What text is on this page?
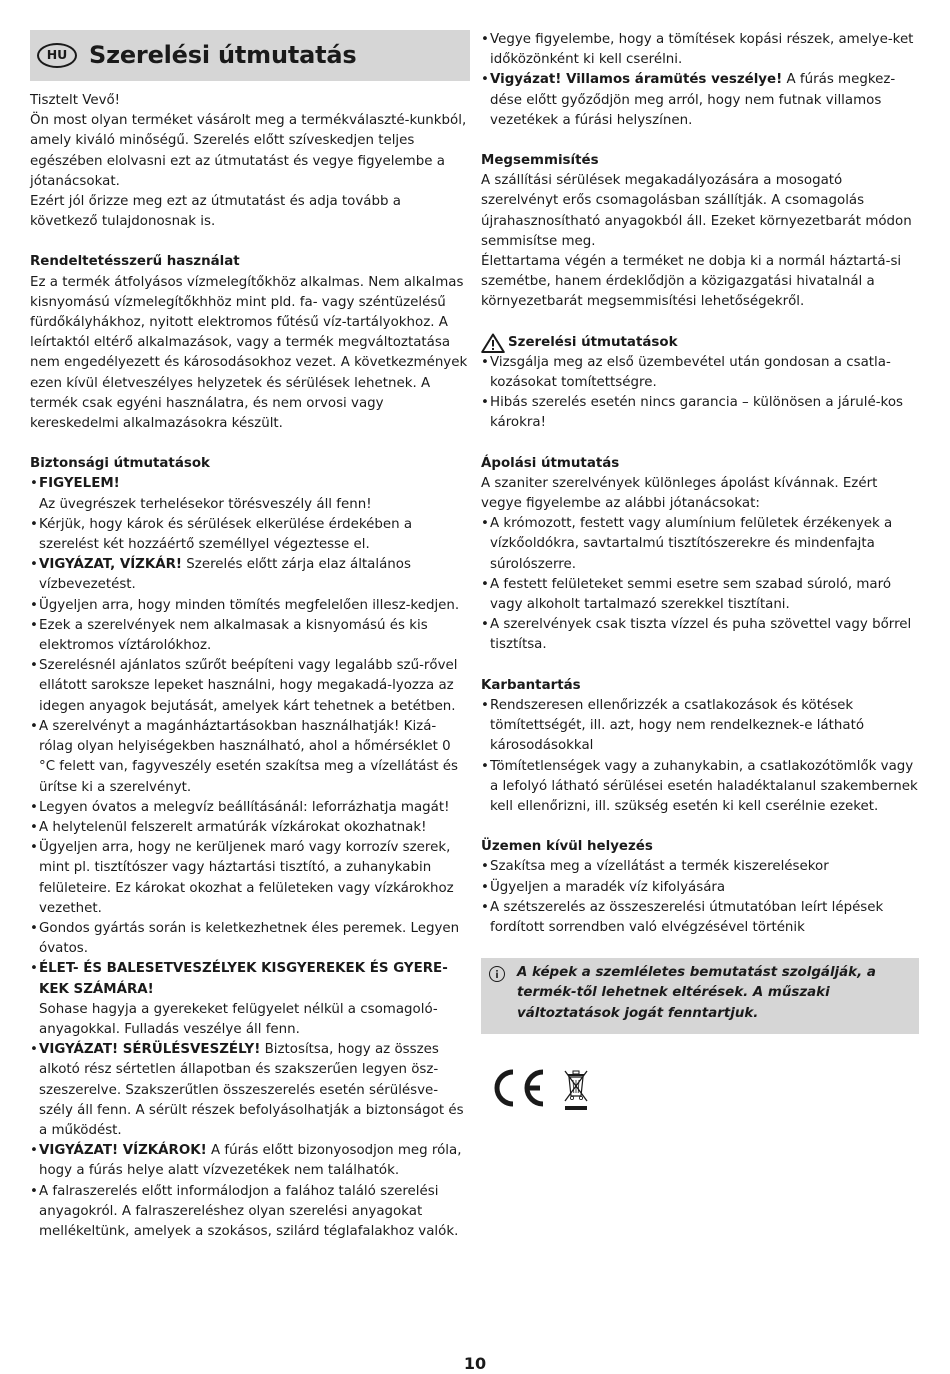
HU Szerelési útmutatás

Tisztelt Vevő!

Ön most olyan terméket vásárolt meg a termékválaszté-kunkból, amely kiváló minőségű. Szerelés előtt szíveskedjen teljes egészében elolvasni ezt az útmutatást és vegye figyelembe a jótanácsokat.

Ezért jól őrizze meg ezt az útmutatást és adja tovább a következő tulajdonosnak is.

Rendeltetésszerű használat

Ez a termék átfolyásos vízmelegítőkhöz alkalmas. Nem alkalmas kisnyomású vízmelegítőkhhöz mint pld. fa- vagy széntüzelésű fürdőkályhákhoz, nyitott elektromos fűtésű víz-tartályokhoz. A leírtaktól eltérő alkalmazások, vagy a termék megváltoztatása nem engedélyezett és károsodásokhoz vezet. A következmények ezen kívül életveszélyes helyzetek és sérülések lehetnek. A termék csak egyéni használatra, és nem orvosi vagy kereskedelmi alkalmazásokra készült.

Biztonsági útmutatások
• FIGYELEM!
Az üvegrészek terhelésekor törésveszély áll fenn!
• Kérjük, hogy károk és sérülések elkerülése érdekében a szerelést két hozzáértő személlyel végeztesse el.
• VIGYÁZAT, VÍZKÁR! Szerelés előtt zárja elaz általános vízbevezetést.
• Ügyeljen arra, hogy minden tömítés megfelelően illesz-kedjen.
• Ezek a szerelvények nem alkalmasak a kisnyomású és kis elektromos víztárolókhoz.
• Szerelésnél ajánlatos szűrőt beépíteni vagy legalább szű-rővel ellátott saroksze lepeket használni, hogy megakadá-lyozza az idegen anyagok bejutását, amelyek kárt tehetnek a betétben.
• A szerelvényt a magánháztartásokban használhatják! Kizá-rólag olyan helyiségekben használható, ahol a hőmérséklet 0 °C felett van, fagyveszély esetén szakítsa meg a vízellátást és ürítse ki a szerelvényt.
• Legyen óvatos a melegvíz beállításánál: leforrázhatja magát!
• A helytelenül felszerelt armatúrák vízkárokat okozhatnak!
• Ügyeljen arra, hogy ne kerüljenek maró vagy korrozív szerek, mint pl. tisztítószer vagy háztartási tisztító, a zuhanykabin felületeire. Ez károkat okozhat a felületeken vagy vízkárokhoz vezethet.
• Gondos gyártás során is keletkezhetnek éles peremek. Legyen óvatos.
• ÉLET- ÉS BALESETVESZÉLYEK KISGYEREKEK ÉS GYERE-KEK SZÁMÁRA!
Sohase hagyja a gyerekeket felügyelet nélkül a csomagoló-anyagokkal. Fulladás veszélye áll fenn.
• VIGYÁZAT! SÉRÜLÉSVESZÉLY! Biztosítsa, hogy az összes alkotó rész sértetlen állapotban és szakszerűen legyen ösz-szeszerelve. Szakszerűtlen összeszerelés esetén sérülésve-szély áll fenn. A sérült részek befolyásolhatják a biztonságot és a működést.
• VIGYÁZAT! VÍZKÁROK! A fúrás előtt bizonyosodjon meg róla, hogy a fúrás helye alatt vízvezetékek nem találhatók.
• A falraszerelés előtt informálodjon a falához találó szerelési anyagokról. A falraszereléshez olyan szerelési anyagokat mellékeltünk, amelyek a szokásos, szilárd téglafalakhoz valók.
• Vegye figyelembe, hogy a tömítések kopási részek, amelye-ket időközönként ki kell cserélni.
• Vigyázat! Villamos áramütés veszélye! A fúrás megkez-dése előtt győződjön meg arról, hogy nem futnak villamos vezetékek a fúrási helyszínen.
Megsemmisítés

A szállítási sérülések megakadályozására a mosogató szerelvényt erős csomagolásban szállítják. A csomagolás újrahasznosítható anyagokból áll. Ezeket környezetbarát módon semmisítse meg.

Élettartama végén a terméket ne dobja ki a normál háztartá-si szemétbe, hanem érdeklődjön a közigazgatási hivatalnál a környezetbarát megsemmisítési lehetőségekről.

Szerelési útmutatások
• Vizsgálja meg az első üzembevétel után gondosan a csatla-kozásokat tomítettségre.
• Hibás szerelés esetén nincs garancia – különösen a járulé-kos károkra!
Ápolási útmutatás

A szaniter szerelvények különleges ápolást kívánnak. Ezért vegye figyelembe az alábbi jótanácsokat:

• A krómozott, festett vagy alumínium felületek érzékenyek a vízkőoldókra, savtartalmú tisztítószerekre és mindenfajta súrolószerre.
• A festett felületeket semmi esetre sem szabad súroló, maró vagy alkoholt tartalmazó szerekkel tisztítani.
• A szerelvények csak tiszta vízzel és puha szövettel vagy bőrrel tisztítsa.
Karbantartás
• Rendszeresen ellenőrizzék a csatlakozások és kötések tömítettségét, ill. azt, hogy nem rendelkeznek-e látható károsodásokkal
• Tömítetlenségek vagy a zuhanykabin, a csatlakozótömlők vagy a lefolyó látható sérülései esetén haladéktalanul szakembernek kell ellenőrizni, ill. szükség esetén ki kell cserélnie ezeket.
Üzemen kívül helyezés
• Szakítsa meg a vízellátást a termék kiszerelésekor
• Ügyeljen a maradék víz kifolyására
• A szétszerelés az összeszerelési útmutatóban leírt lépések fordított sorrendben való elvégzésével történik
A képek a szemléletes bemutatást szolgálják, a termék-től lehetnek eltérések. A műszaki változtatások jogát fenntartjuk.
10
